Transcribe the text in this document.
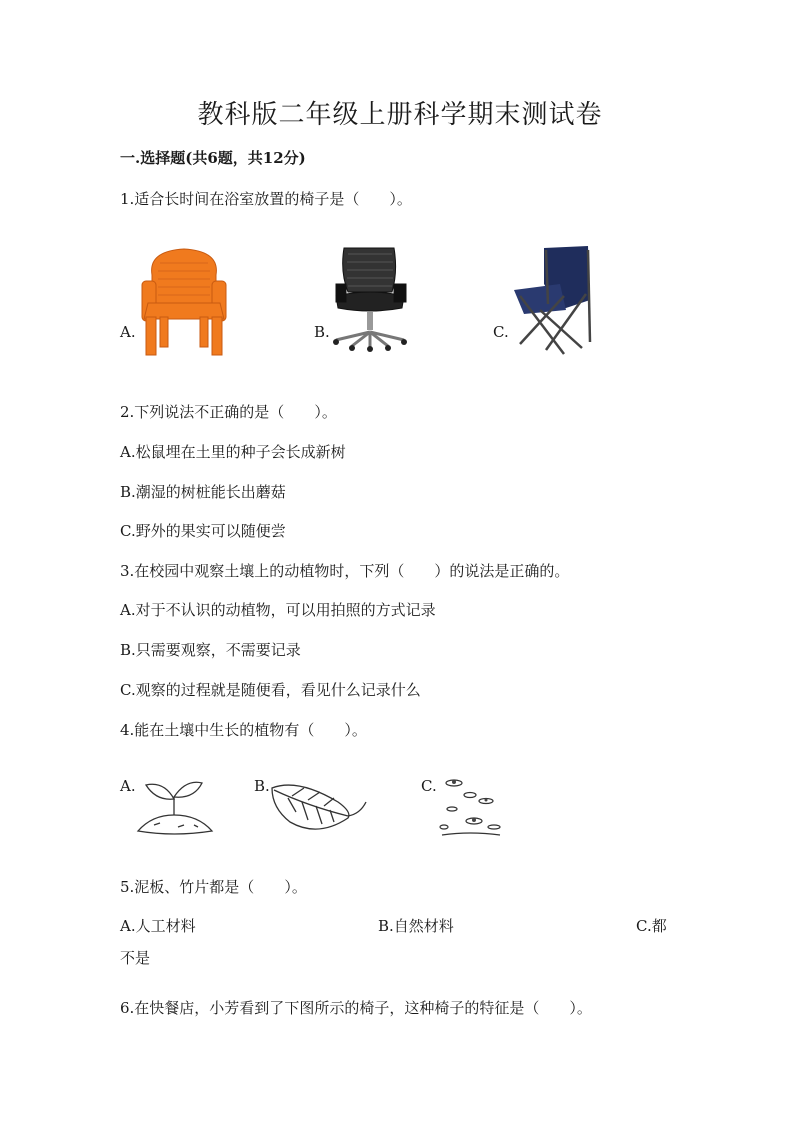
教科版二年级上册科学期末测试卷
一.选择题(共6题，共12分)
1.适合长时间在浴室放置的椅子是（　　）。
A.	B.	C.
2.下列说法不正确的是（　　）。
A.松鼠埋在土里的种子会长成新树
B.潮湿的树桩能长出蘑菇
C.野外的果实可以随便尝
3.在校园中观察土壤上的动植物时，下列（　　）的说法是正确的。
A.对于不认识的动植物，可以用拍照的方式记录
B.只需要观察，不需要记录
C.观察的过程就是随便看，看见什么记录什么
4.能在土壤中生长的植物有（　　）。
A.	B.	C.
5.泥板、竹片都是（　　）。
A.人工材料	B.自然材料	C.都
不是
6.在快餐店，小芳看到了下图所示的椅子，这种椅子的特征是（　　）。
